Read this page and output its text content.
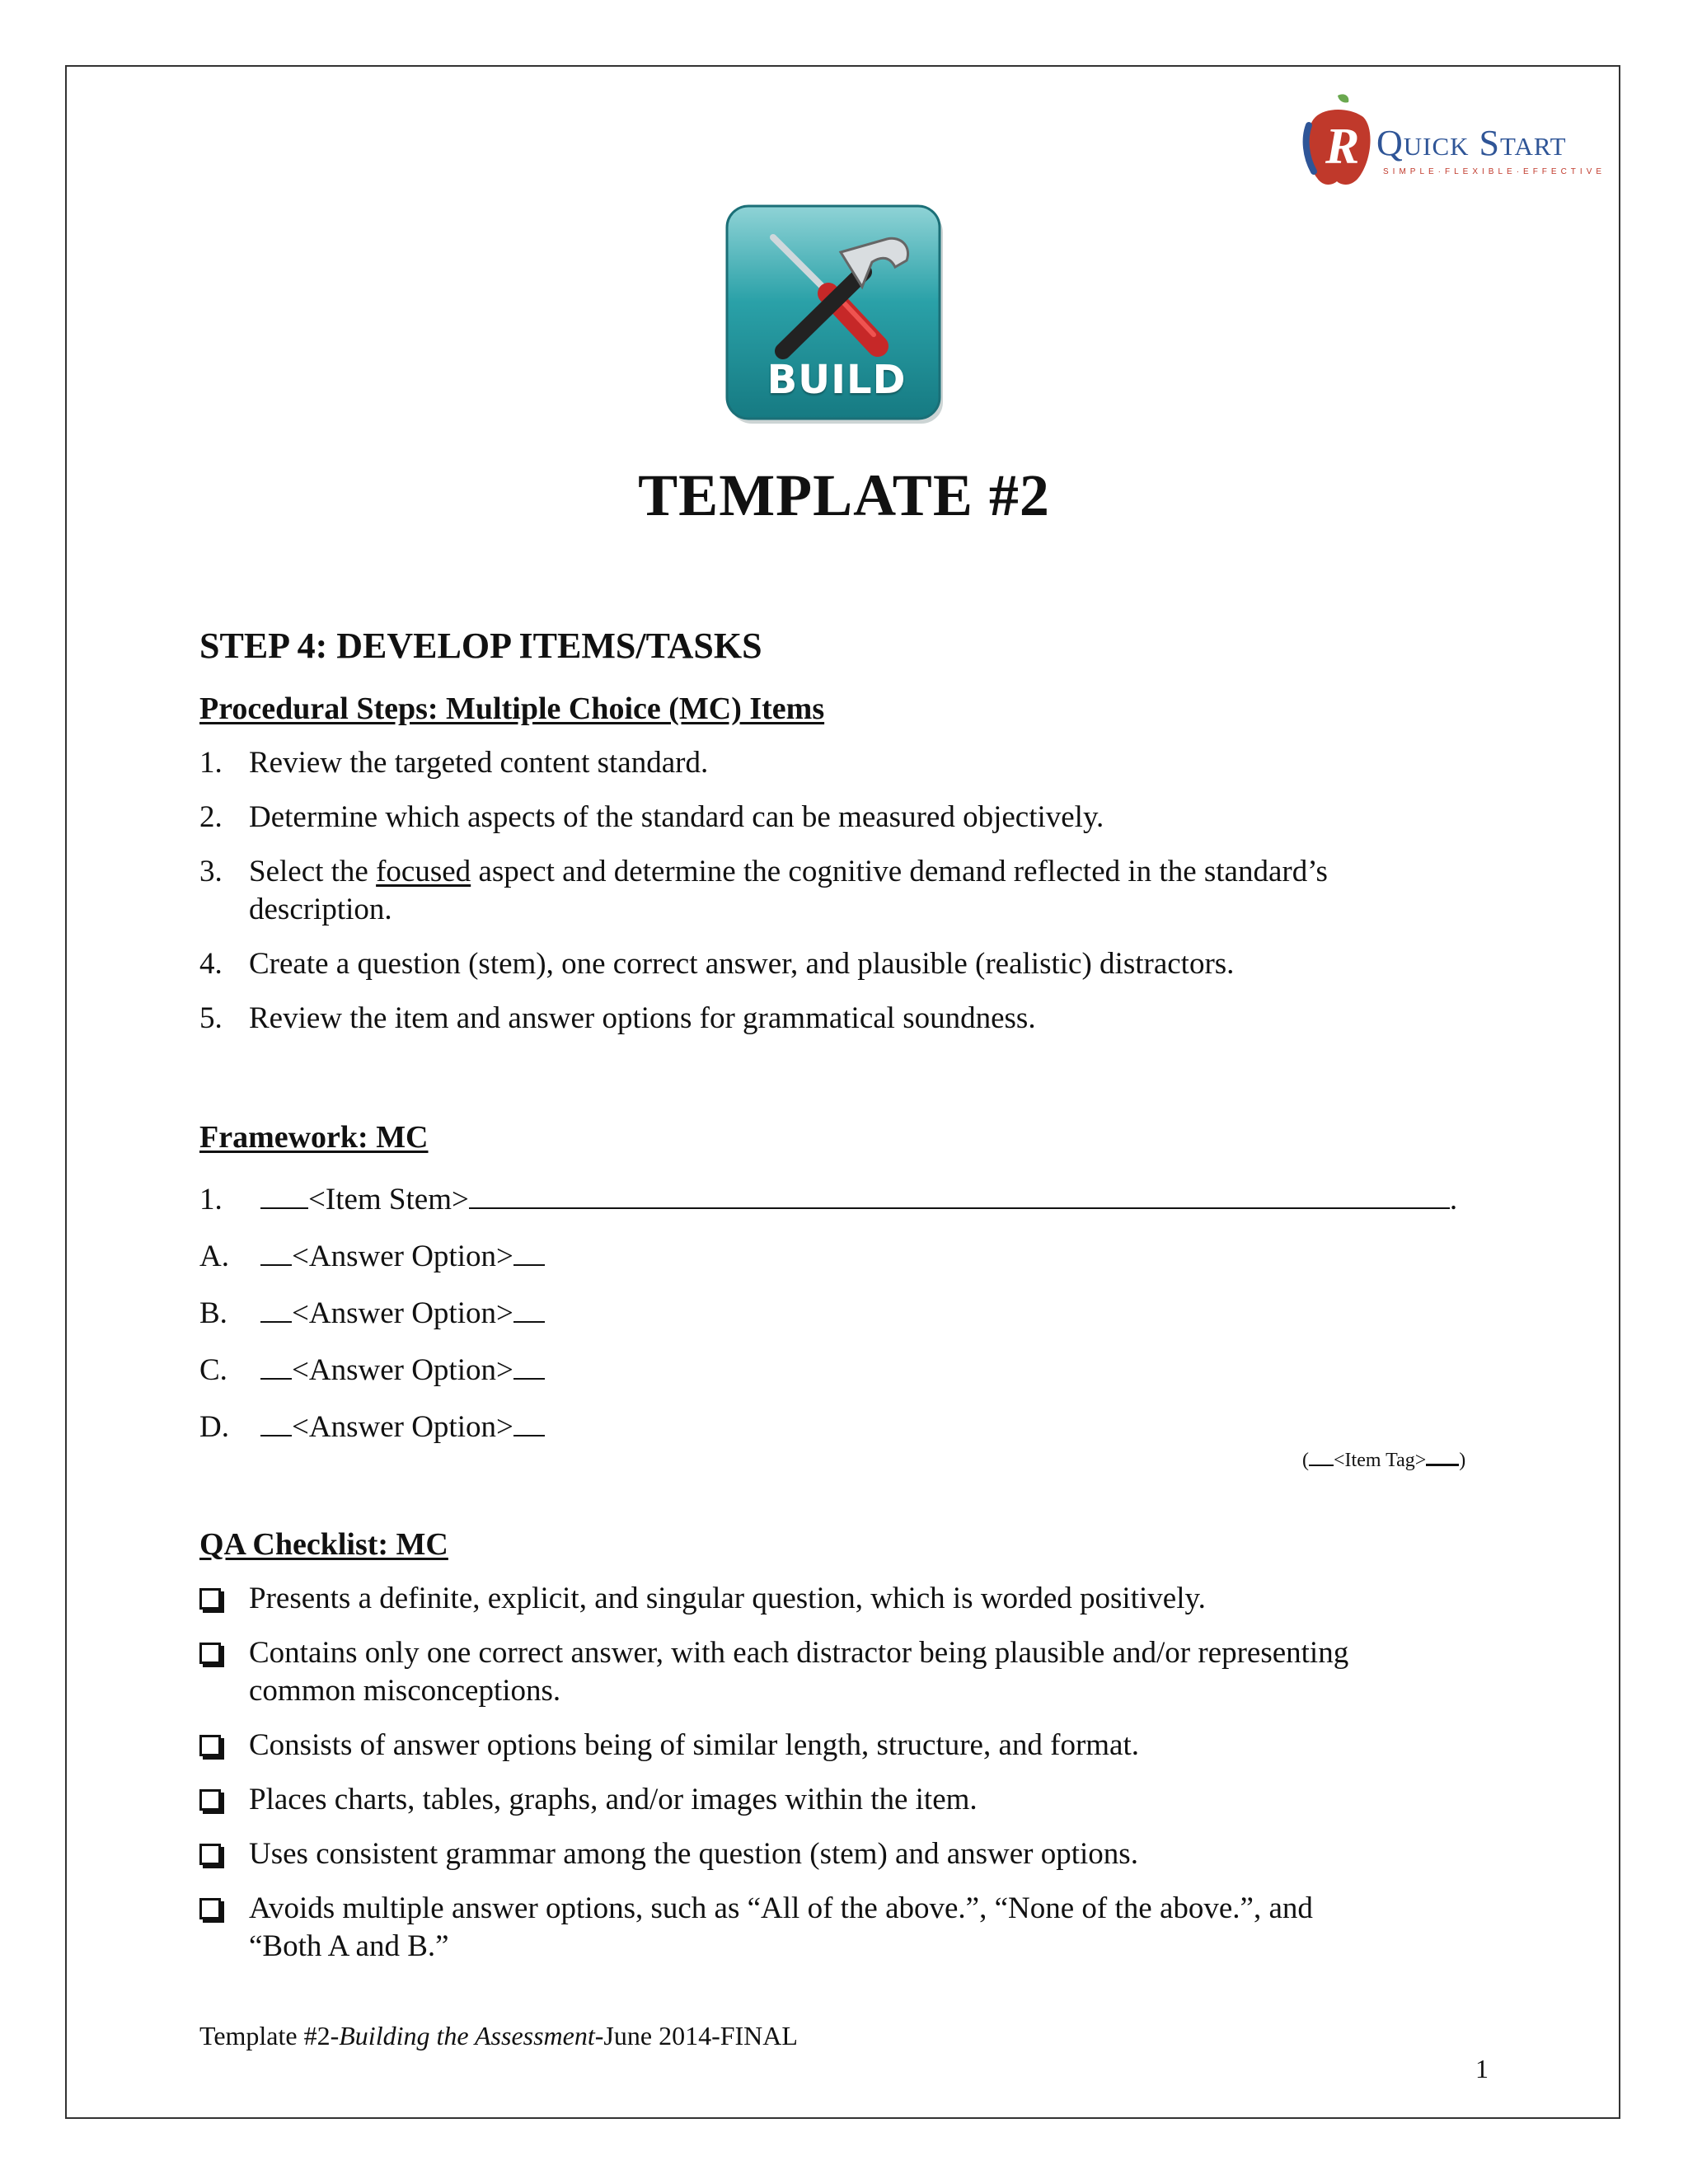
R Quick Start
SIMPLE·FLEXIBLE·EFFECTIVE
BUILD
TEMPLATE #2
STEP 4: DEVELOP ITEMS/TASKS
Procedural Steps: Multiple Choice (MC) Items
1. Review the targeted content standard.
2. Determine which aspects of the standard can be measured objectively.
3. Select the focused aspect and determine the cognitive demand reflected in the standard’s
description.
4. Create a question (stem), one correct answer, and plausible (realistic) distractors.
5. Review the item and answer options for grammatical soundness.
Framework: MC
1.	<Item Stem>	.
A. <Answer Option>
B. <Answer Option>
C. <Answer Option>
D. <Answer Option>
( <Item Tag> )
QA Checklist: MC
Presents a definite, explicit, and singular question, which is worded positively.
Contains only one correct answer, with each distractor being plausible and/or representing
common misconceptions.
Consists of answer options being of similar length, structure, and format.
Places charts, tables, graphs, and/or images within the item.
Uses consistent grammar among the question (stem) and answer options.
Avoids multiple answer options, such as “All of the above.”, “None of the above.”, and
“Both A and B.”
Template #2-Building the Assessment-June 2014-FINAL
1
